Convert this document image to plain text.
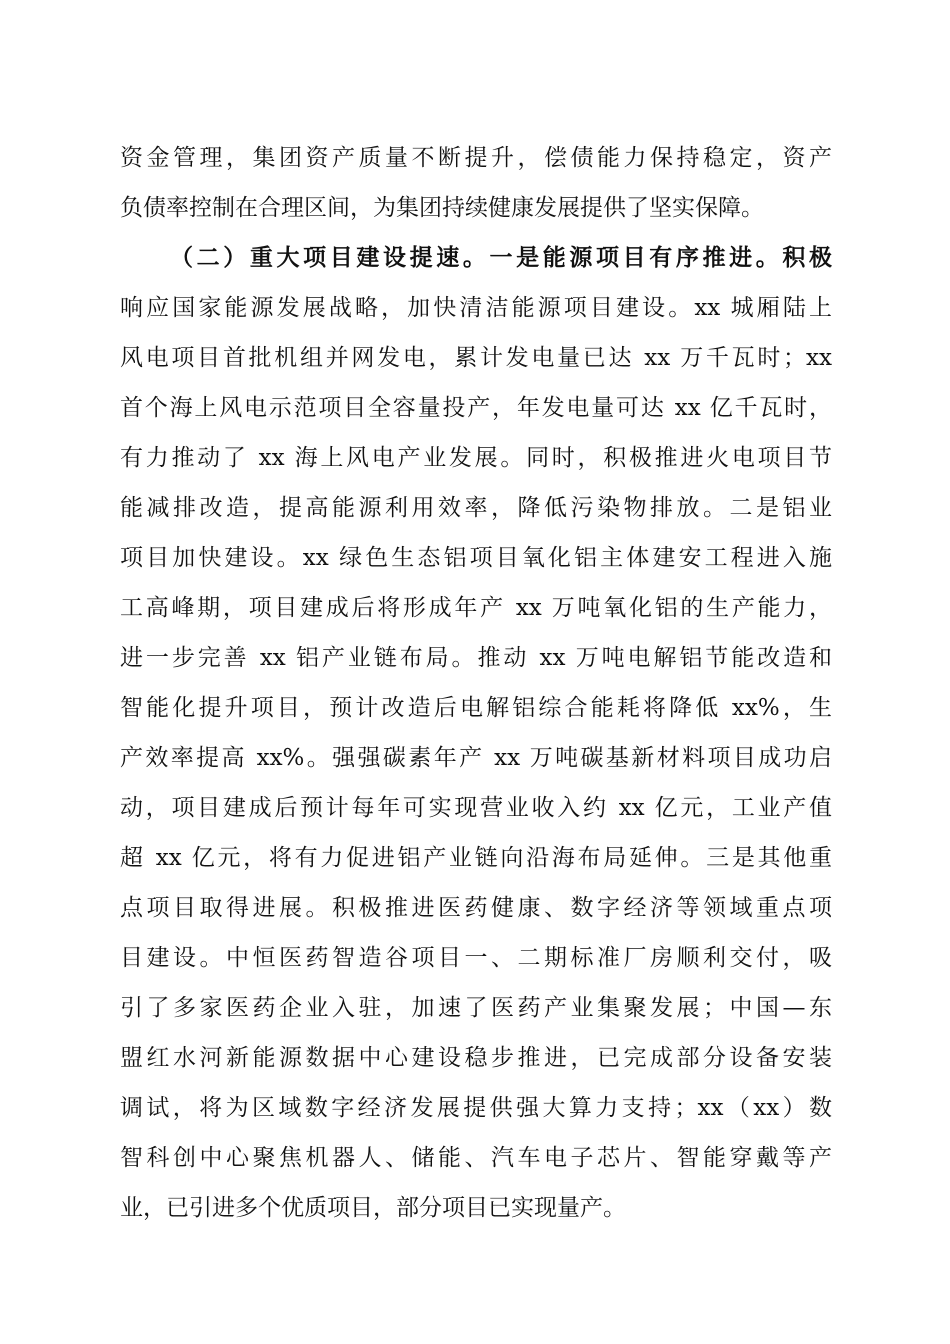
资金管理，集团资产质量不断提升，偿债能力保持稳定，资产
负债率控制在合理区间，为集团持续健康发展提供了坚实保障。
（二）重大项目建设提速。一是能源项目有序推进。积极
响应国家能源发展战略，加快清洁能源项目建设。xx 城厢陆上
风电项目首批机组并网发电，累计发电量已达 xx 万千瓦时；xx
首个海上风电示范项目全容量投产，年发电量可达 xx 亿千瓦时，
有力推动了 xx 海上风电产业发展。同时，积极推进火电项目节
能减排改造，提高能源利用效率，降低污染物排放。二是铝业
项目加快建设。xx 绿色生态铝项目氧化铝主体建安工程进入施
工高峰期，项目建成后将形成年产 xx 万吨氧化铝的生产能力，
进一步完善 xx 铝产业链布局。推动 xx 万吨电解铝节能改造和
智能化提升项目，预计改造后电解铝综合能耗将降低 xx%，生
产效率提高 xx%。强强碳素年产 xx 万吨碳基新材料项目成功启
动，项目建成后预计每年可实现营业收入约 xx 亿元，工业产值
超 xx 亿元，将有力促进铝产业链向沿海布局延伸。三是其他重
点项目取得进展。积极推进医药健康、数字经济等领域重点项
目建设。中恒医药智造谷项目一、二期标准厂房顺利交付，吸
引了多家医药企业入驻，加速了医药产业集聚发展；中国—东
盟红水河新能源数据中心建设稳步推进，已完成部分设备安装
调试，将为区域数字经济发展提供强大算力支持；xx（xx）数
智科创中心聚焦机器人、储能、汽车电子芯片、智能穿戴等产
业，已引进多个优质项目，部分项目已实现量产。
